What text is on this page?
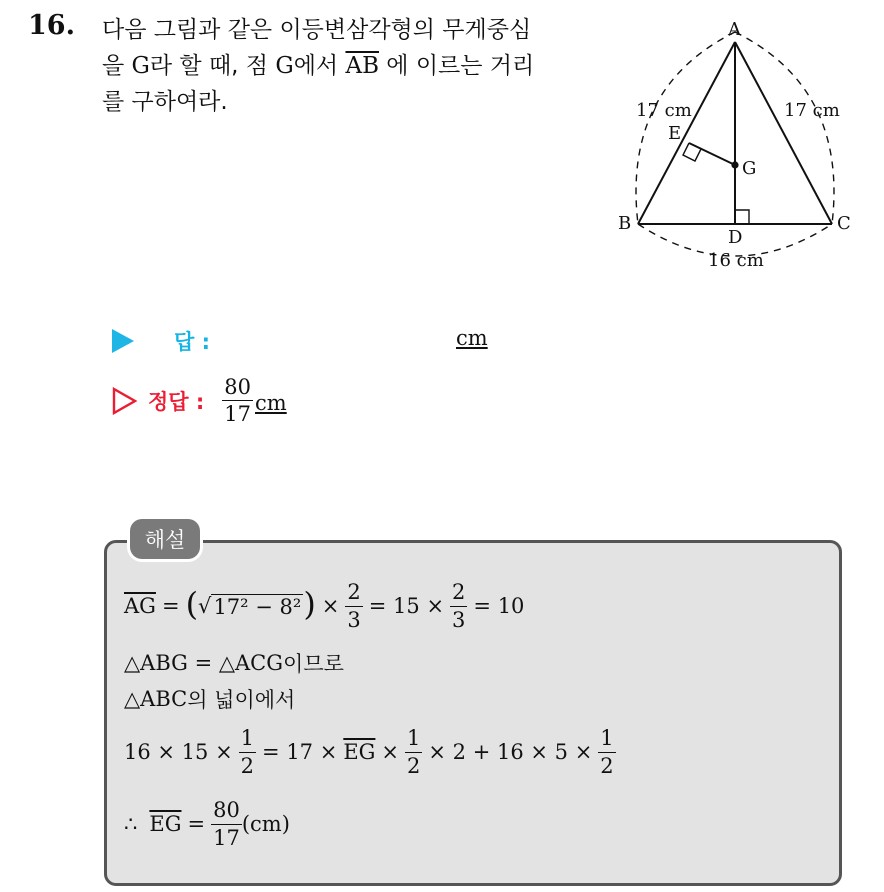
16. 다음 그림과 같은 이등변삼각형의 무게중심
을 G라 할 때, 점 G에서 $\overline{AB}$ 에 이르는 거리
를 구하여라.
A
B	C
D
E
G
17 cm	17 cm
16 cm
답 :	cm
정답 : $\frac{80}{17}$ cm
해설
$\overline{AG}$ = ( √ 17² − 8² ) × $\frac{2}{3} = 15 \times \frac{2}{3} = 10$
△ABG = △ACG 이므로
△ABC 의 넓이에서
$16 \times 15 \times \frac{1}{2} = 17 \times \overline{EG} \times \frac{1}{2} \times 2 + 16 \times 5 \times \frac{1}{2}$
∴ $\overline{EG} = \frac{80}{17} (cm)$
